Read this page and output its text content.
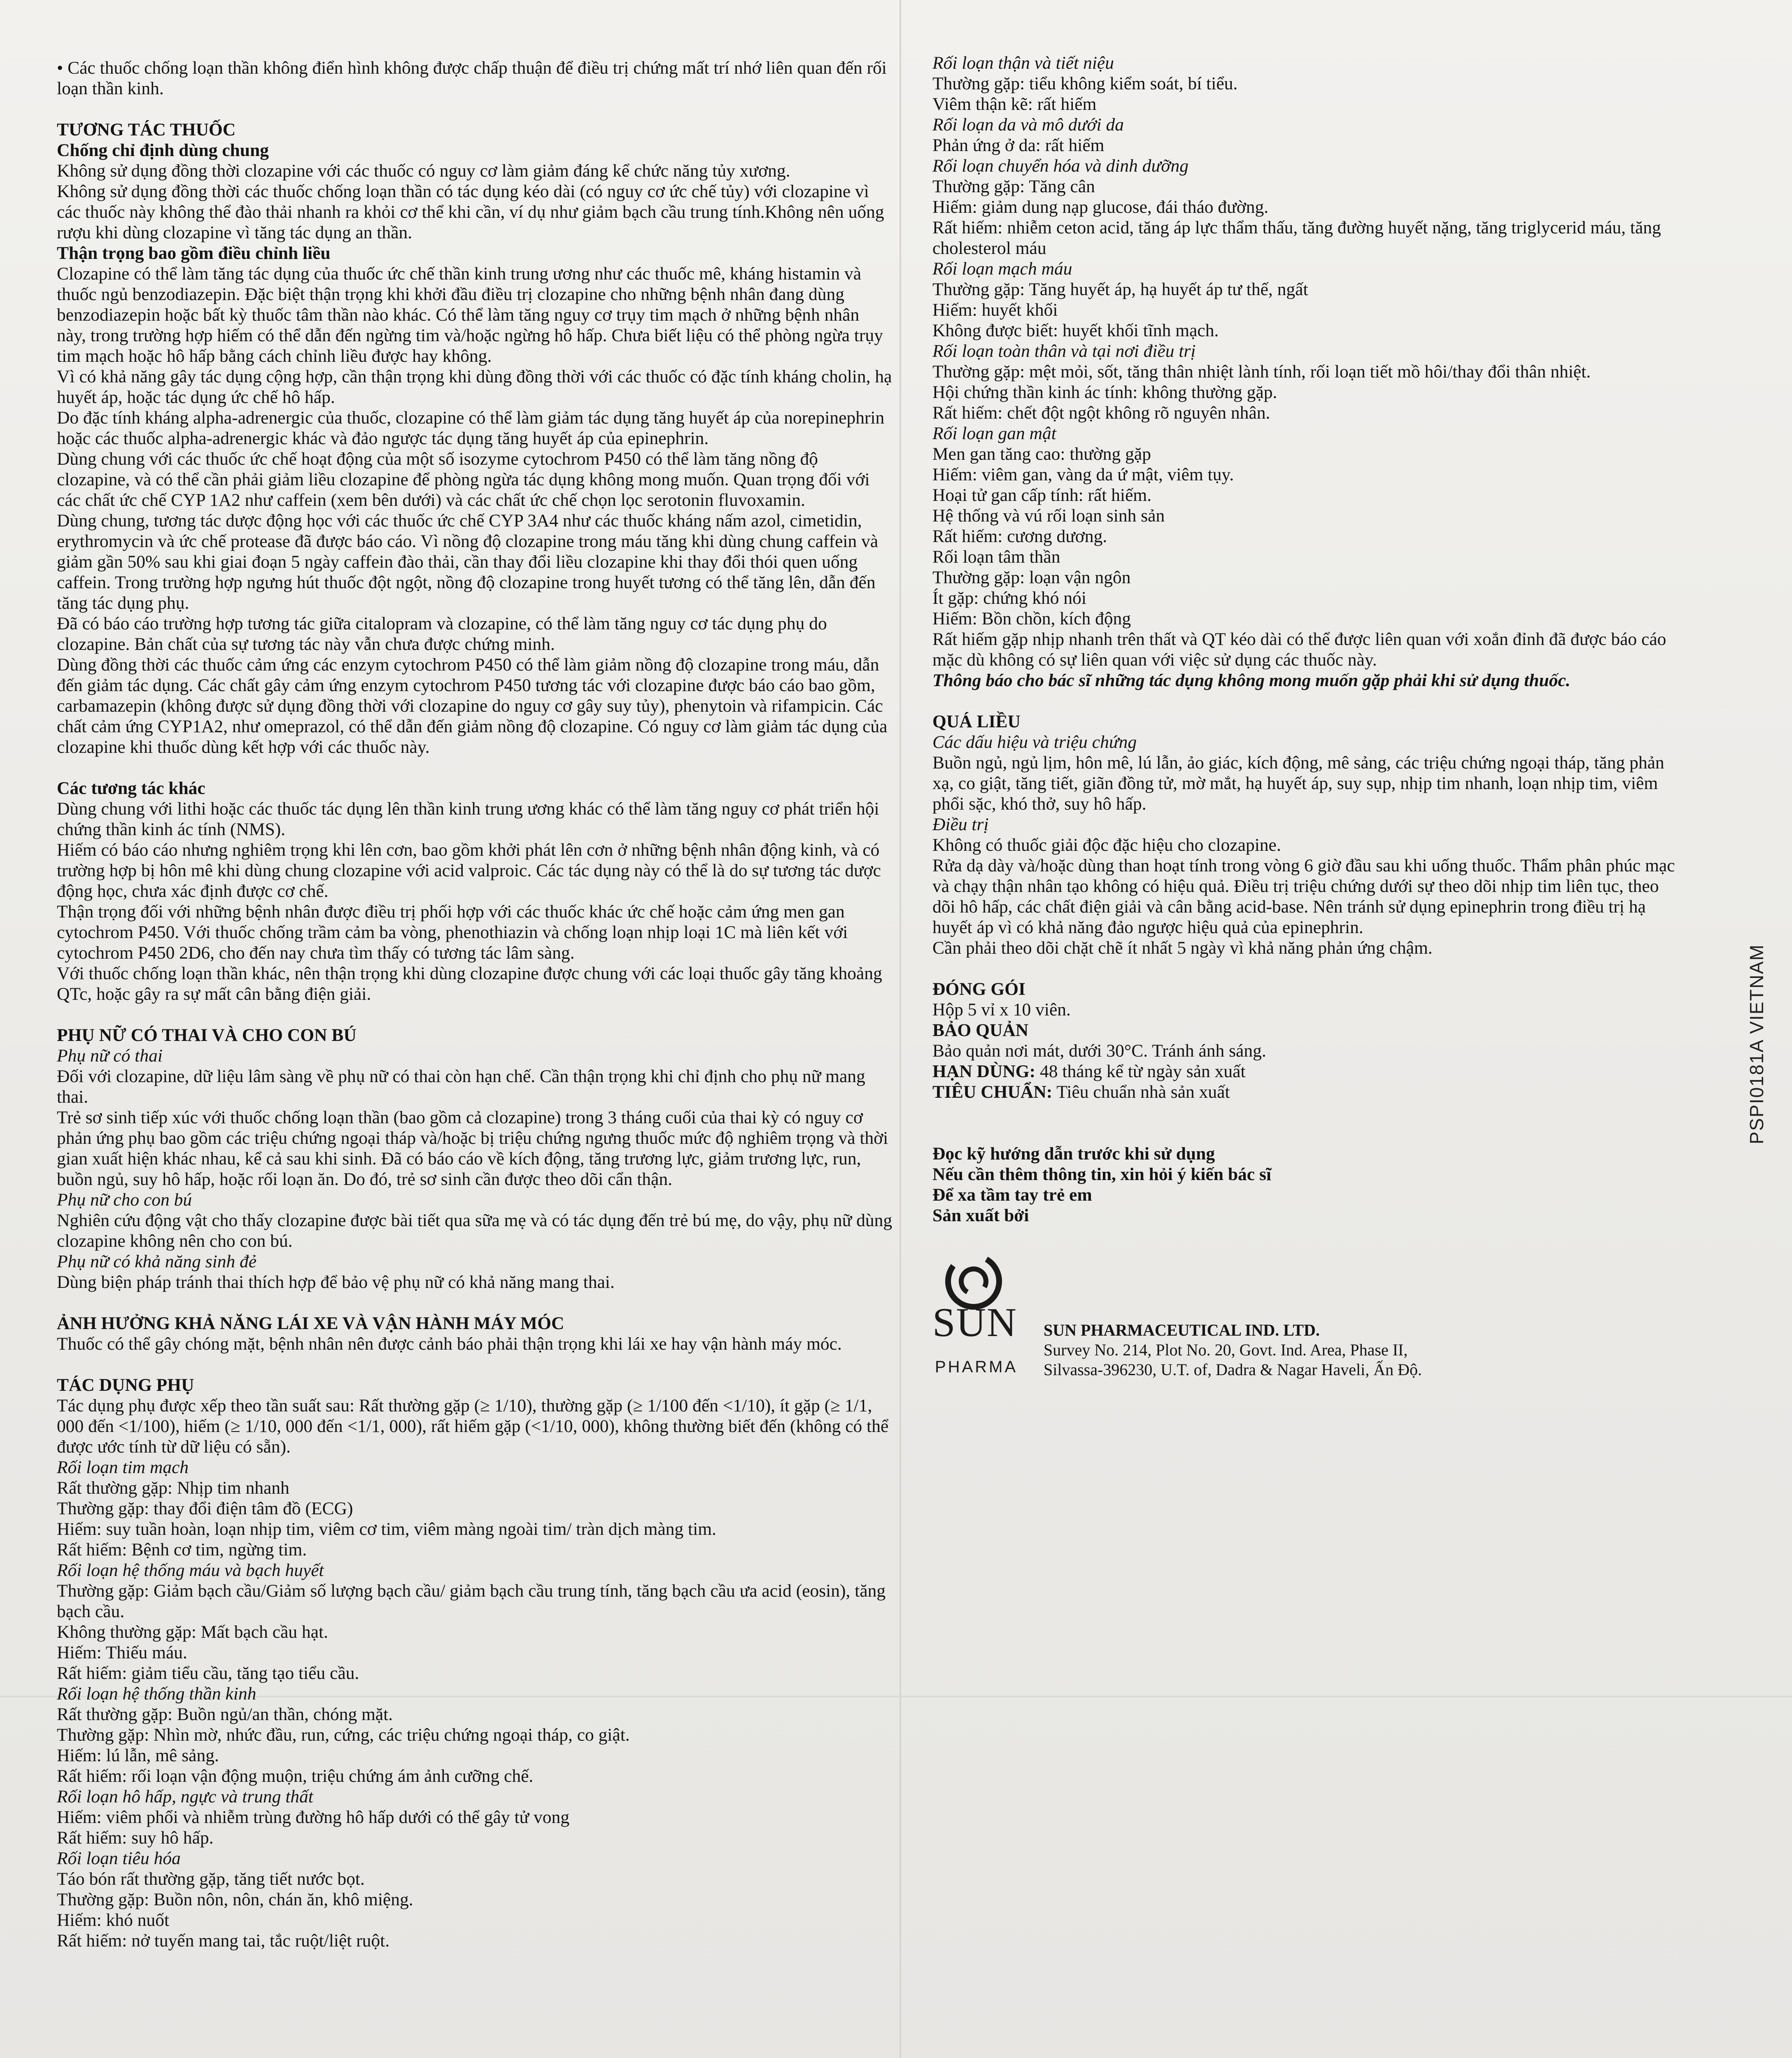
• Các thuốc chống loạn thần không điển hình không được chấp thuận để điều trị chứng mất trí nhớ liên quan đến rối loạn thần kinh.

TƯƠNG TÁC THUỐC

Chống chỉ định dùng chung

Không sử dụng đồng thời clozapine với các thuốc có nguy cơ làm giảm đáng kể chức năng tủy xương.

Không sử dụng đồng thời các thuốc chống loạn thần có tác dụng kéo dài (có nguy cơ ức chế tủy) với clozapine vì các thuốc này không thể đào thải nhanh ra khỏi cơ thể khi cần, ví dụ như giảm bạch cầu trung tính.Không nên uống rượu khi dùng clozapine vì tăng tác dụng an thần.

Thận trọng bao gồm điều chỉnh liều

Clozapine có thể làm tăng tác dụng của thuốc ức chế thần kinh trung ương như các thuốc mê, kháng histamin và thuốc ngủ benzodiazepin. Đặc biệt thận trọng khi khởi đầu điều trị clozapine cho những bệnh nhân đang dùng benzodiazepin hoặc bất kỳ thuốc tâm thần nào khác. Có thể làm tăng nguy cơ trụy tim mạch ở những bệnh nhân này, trong trường hợp hiếm có thể dẫn đến ngừng tim và/hoặc ngừng hô hấp. Chưa biết liệu có thể phòng ngừa trụy tim mạch hoặc hô hấp bằng cách chỉnh liều được hay không.

Vì có khả năng gây tác dụng cộng hợp, cần thận trọng khi dùng đồng thời với các thuốc có đặc tính kháng cholin, hạ huyết áp, hoặc tác dụng ức chế hô hấp.

Do đặc tính kháng alpha-adrenergic của thuốc, clozapine có thể làm giảm tác dụng tăng huyết áp của norepinephrin hoặc các thuốc alpha-adrenergic khác và đảo ngược tác dụng tăng huyết áp của epinephrin.

Dùng chung với các thuốc ức chế hoạt động của một số isozyme cytochrom P450 có thể làm tăng nồng độ clozapine, và có thể cần phải giảm liều clozapine để phòng ngừa tác dụng không mong muốn. Quan trọng đối với các chất ức chế CYP 1A2 như caffein (xem bên dưới) và các chất ức chế chọn lọc serotonin fluvoxamin.

Dùng chung, tương tác dược động học với các thuốc ức chế CYP 3A4 như các thuốc kháng nấm azol, cimetidin, erythromycin và ức chế protease đã được báo cáo. Vì nồng độ clozapine trong máu tăng khi dùng chung caffein và giảm gần 50% sau khi giai đoạn 5 ngày caffein đào thải, cần thay đổi liều clozapine khi thay đổi thói quen uống caffein. Trong trường hợp ngưng hút thuốc đột ngột, nồng độ clozapine trong huyết tương có thể tăng lên, dẫn đến tăng tác dụng phụ.

Đã có báo cáo trường hợp tương tác giữa citalopram và clozapine, có thể làm tăng nguy cơ tác dụng phụ do clozapine. Bản chất của sự tương tác này vẫn chưa được chứng minh.

Dùng đồng thời các thuốc cảm ứng các enzym cytochrom P450 có thể làm giảm nồng độ clozapine trong máu, dẫn đến giảm tác dụng. Các chất gây cảm ứng enzym cytochrom P450 tương tác với clozapine được báo cáo bao gồm, carbamazepin (không được sử dụng đồng thời với clozapine do nguy cơ gây suy tủy), phenytoin và rifampicin. Các chất cảm ứng CYP1A2, như omeprazol, có thể dẫn đến giảm nồng độ clozapine. Có nguy cơ làm giảm tác dụng của clozapine khi thuốc dùng kết hợp với các thuốc này.

Các tương tác khác

Dùng chung với lithi hoặc các thuốc tác dụng lên thần kinh trung ương khác có thể làm tăng nguy cơ phát triển hội chứng thần kinh ác tính (NMS).

Hiếm có báo cáo nhưng nghiêm trọng khi lên cơn, bao gồm khởi phát lên cơn ở những bệnh nhân động kinh, và có trường hợp bị hôn mê khi dùng chung clozapine với acid valproic. Các tác dụng này có thể là do sự tương tác dược động học, chưa xác định được cơ chế.

Thận trọng đối với những bệnh nhân được điều trị phối hợp với các thuốc khác ức chế hoặc cảm ứng men gan cytochrom P450. Với thuốc chống trầm cảm ba vòng, phenothiazin và chống loạn nhịp loại 1C mà liên kết với cytochrom P450 2D6, cho đến nay chưa tìm thấy có tương tác lâm sàng.

Với thuốc chống loạn thần khác, nên thận trọng khi dùng clozapine được chung với các loại thuốc gây tăng khoảng QTc, hoặc gây ra sự mất cân bằng điện giải.

PHỤ NỮ CÓ THAI VÀ CHO CON BÚ

Phụ nữ có thai

Đối với clozapine, dữ liệu lâm sàng về phụ nữ có thai còn hạn chế. Cần thận trọng khi chỉ định cho phụ nữ mang thai.

Trẻ sơ sinh tiếp xúc với thuốc chống loạn thần (bao gồm cả clozapine) trong 3 tháng cuối của thai kỳ có nguy cơ phản ứng phụ bao gồm các triệu chứng ngoại tháp và/hoặc bị triệu chứng ngưng thuốc mức độ nghiêm trọng và thời gian xuất hiện khác nhau, kể cả sau khi sinh. Đã có báo cáo về kích động, tăng trương lực, giảm trương lực, run, buồn ngủ, suy hô hấp, hoặc rối loạn ăn. Do đó, trẻ sơ sinh cần được theo dõi cẩn thận.

Phụ nữ cho con bú

Nghiên cứu động vật cho thấy clozapine được bài tiết qua sữa mẹ và có tác dụng đến trẻ bú mẹ, do vậy, phụ nữ dùng clozapine không nên cho con bú.

Phụ nữ có khả năng sinh đẻ

Dùng biện pháp tránh thai thích hợp để bảo vệ phụ nữ có khả năng mang thai.

ẢNH HƯỞNG KHẢ NĂNG LÁI XE VÀ VẬN HÀNH MÁY MÓC

Thuốc có thể gây chóng mặt, bệnh nhân nên được cảnh báo phải thận trọng khi lái xe hay vận hành máy móc.

TÁC DỤNG PHỤ

Tác dụng phụ được xếp theo tần suất sau: Rất thường gặp (≥ 1/10), thường gặp (≥ 1/100 đến <1/10), ít gặp (≥ 1/1, 000 đến <1/100), hiếm (≥ 1/10, 000 đến <1/1, 000), rất hiếm gặp (<1/10, 000), không thường biết đến (không có thể được ước tính từ dữ liệu có sẵn).

Rối loạn tim mạch

Rất thường gặp: Nhịp tim nhanh

Thường gặp: thay đổi điện tâm đồ (ECG)

Hiếm: suy tuần hoàn, loạn nhịp tim, viêm cơ tim, viêm màng ngoài tim/ tràn dịch màng tim.

Rất hiếm: Bệnh cơ tim, ngừng tim.

Rối loạn hệ thống máu và bạch huyết

Thường gặp: Giảm bạch cầu/Giảm số lượng bạch cầu/ giảm bạch cầu trung tính, tăng bạch cầu ưa acid (eosin), tăng bạch cầu.

Không thường gặp: Mất bạch cầu hạt.

Hiếm: Thiếu máu.

Rất hiếm: giảm tiểu cầu, tăng tạo tiểu cầu.

Rối loạn hệ thống thần kinh

Rất thường gặp: Buồn ngủ/an thần, chóng mặt.

Thường gặp: Nhìn mờ, nhức đầu, run, cứng, các triệu chứng ngoại tháp, co giật.

Hiếm: lú lẫn, mê sảng.

Rất hiếm: rối loạn vận động muộn, triệu chứng ám ảnh cưỡng chế.

Rối loạn hô hấp, ngực và trung thất

Hiếm: viêm phổi và nhiễm trùng đường hô hấp dưới có thể gây tử vong

Rất hiếm: suy hô hấp.

Rối loạn tiêu hóa

Táo bón rất thường gặp, tăng tiết nước bọt.

Thường gặp: Buồn nôn, nôn, chán ăn, khô miệng.

Hiếm: khó nuốt

Rất hiếm: nở tuyến mang tai, tắc ruột/liệt ruột.

Rối loạn thận và tiết niệu

Thường gặp: tiểu không kiểm soát, bí tiểu.

Viêm thận kẽ: rất hiếm

Rối loạn da và mô dưới da

Phản ứng ở da: rất hiếm

Rối loạn chuyển hóa và dinh dưỡng

Thường gặp: Tăng cân

Hiếm: giảm dung nạp glucose, đái tháo đường.

Rất hiếm: nhiễm ceton acid, tăng áp lực thẩm thấu, tăng đường huyết nặng, tăng triglycerid máu, tăng cholesterol máu

Rối loạn mạch máu

Thường gặp: Tăng huyết áp, hạ huyết áp tư thế, ngất

Hiếm: huyết khối

Không được biết: huyết khối tĩnh mạch.

Rối loạn toàn thân và tại nơi điều trị

Thường gặp: mệt mỏi, sốt, tăng thân nhiệt lành tính, rối loạn tiết mồ hôi/thay đổi thân nhiệt.

Hội chứng thần kinh ác tính: không thường gặp.

Rất hiếm: chết đột ngột không rõ nguyên nhân.

Rối loạn gan mật

Men gan tăng cao: thường gặp

Hiếm: viêm gan, vàng da ứ mật, viêm tụy.

Hoại tử gan cấp tính: rất hiếm.

Hệ thống và vú rối loạn sinh sản

Rất hiếm: cương dương.

Rối loạn tâm thần

Thường gặp: loạn vận ngôn

Ít gặp: chứng khó nói

Hiếm: Bồn chồn, kích động

Rất hiếm gặp nhịp nhanh trên thất và QT kéo dài có thể được liên quan với xoắn đỉnh đã được báo cáo mặc dù không có sự liên quan với việc sử dụng các thuốc này.

Thông báo cho bác sĩ những tác dụng không mong muốn gặp phải khi sử dụng thuốc.

QUÁ LIỀU

Các dấu hiệu và triệu chứng

Buồn ngủ, ngủ lịm, hôn mê, lú lẫn, ảo giác, kích động, mê sảng, các triệu chứng ngoại tháp, tăng phản xạ, co giật, tăng tiết, giãn đồng tử, mờ mắt, hạ huyết áp, suy sụp, nhịp tim nhanh, loạn nhịp tim, viêm phổi sặc, khó thở, suy hô hấp.

Điều trị

Không có thuốc giải độc đặc hiệu cho clozapine.

Rửa dạ dày và/hoặc dùng than hoạt tính trong vòng 6 giờ đầu sau khi uống thuốc. Thẩm phân phúc mạc và chạy thận nhân tạo không có hiệu quả. Điều trị triệu chứng dưới sự theo dõi nhịp tim liên tục, theo dõi hô hấp, các chất điện giải và cân bằng acid-base. Nên tránh sử dụng epinephrin trong điều trị hạ huyết áp vì có khả năng đảo ngược hiệu quả của epinephrin.

Cần phải theo dõi chặt chẽ ít nhất 5 ngày vì khả năng phản ứng chậm.

ĐÓNG GÓI

Hộp 5 vỉ x 10 viên.

BẢO QUẢN

Bảo quản nơi mát, dưới 30°C. Tránh ánh sáng.

HẠN DÙNG: 48 tháng kể từ ngày sản xuất

TIÊU CHUẨN: Tiêu chuẩn nhà sản xuất

Đọc kỹ hướng dẫn trước khi sử dụng

Nếu cần thêm thông tin, xin hỏi ý kiến bác sĩ

Để xa tầm tay trẻ em

Sản xuất bởi

SUN
PHARMA

SUN PHARMACEUTICAL IND. LTD.

Survey No. 214, Plot No. 20, Govt. Ind. Area, Phase II,

Silvassa-396230, U.T. of, Dadra & Nagar Haveli, Ấn Độ.

PSPI0181A VIETNAM
